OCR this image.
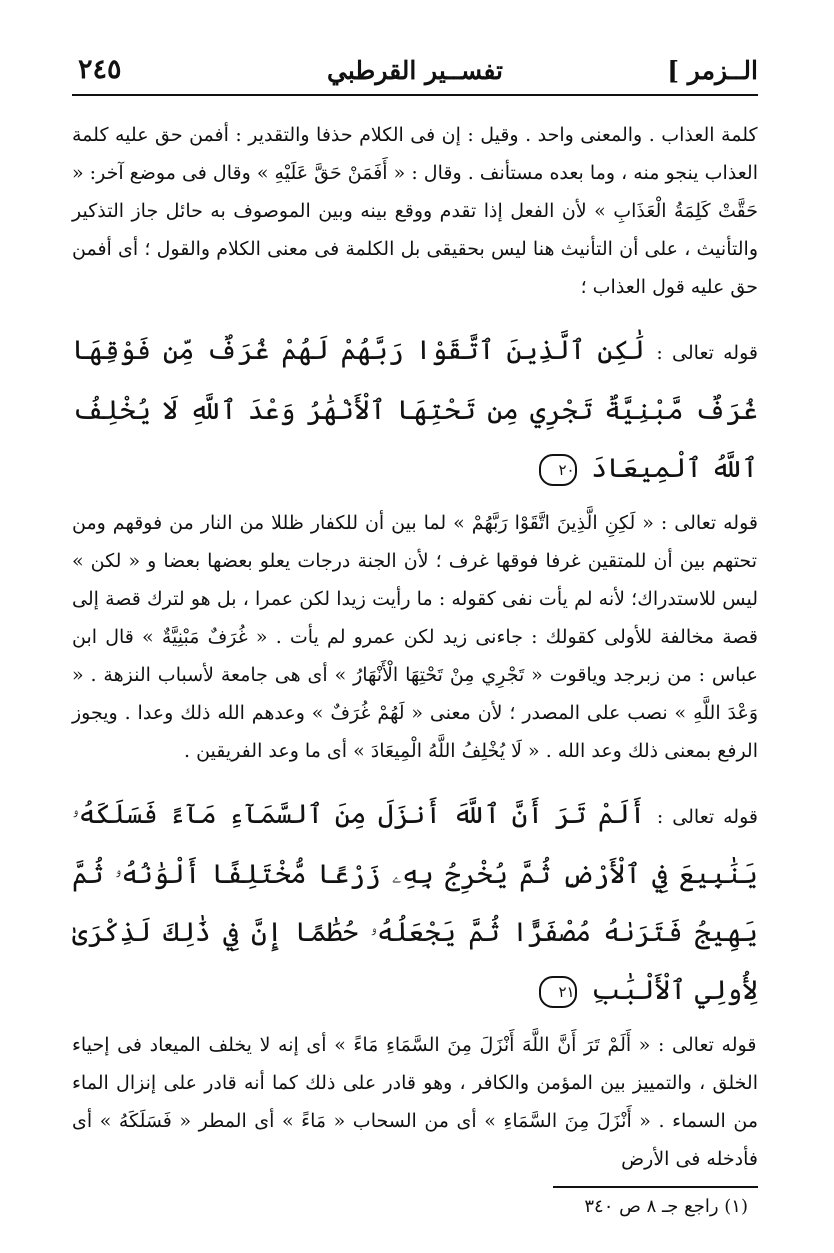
الــزمر ]
تفســير القرطبي
٢٤٥

كلمة العذاب . والمعنى واحد . وقيل : إن فى الكلام حذفا والتقدير : أفمن حق عليه كلمة العذاب ينجو منه ، وما بعده مستأنف . وقال : « أَفَمَنْ حَقَّ عَلَيْهِ » وقال فى موضع آخر: « حَقَّتْ كَلِمَةُ الْعَذَابِ » لأن الفعل إذا تقدم ووقع بينه وبين الموصوف به حائل جاز التذكير والتأنيث ، على أن التأنيث هنا ليس بحقيقى بل الكلمة فى معنى الكلام والقول ؛ أى أفمن حق عليه قول العذاب ؛

قوله تعالى : لَٰكِنِ ٱلَّذِينَ ٱتَّقَوْا رَبَّهُمْ لَهُمْ غُرَفٌ مِّن فَوْقِهَا غُرَفٌ مَّبْنِيَّةٌ تَجْرِي مِن تَحْتِهَا ٱلْأَنْهَٰرُ وَعْدَ ٱللَّهِ لَا يُخْلِفُ ٱللَّهُ ٱلْمِيعَادَ ٢٠

قوله تعالى : « لَكِنِ الَّذِينَ اتَّقَوْا رَبَّهُمْ » لما بين أن للكفار ظللا من النار من فوقهم ومن تحتهم بين أن للمتقين غرفا فوقها غرف ؛ لأن الجنة درجات يعلو بعضها بعضا و « لكن » ليس للاستدراك؛ لأنه لم يأت نفى كقوله : ما رأيت زيدا لكن عمرا ، بل هو لترك قصة إلى قصة مخالفة للأولى كقولك : جاءنى زيد لكن عمرو لم يأت . « غُرَفٌ مَبْنِيَّةٌ » قال ابن عباس : من زبرجد وياقوت « تَجْرِي مِنْ تَحْتِهَا الْأَنْهَارُ » أى هى جامعة لأسباب النزهة . « وَعْدَ اللَّهِ » نصب على المصدر ؛ لأن معنى « لَهُمْ غُرَفٌ » وعدهم الله ذلك وعدا . ويجوز الرفع بمعنى ذلك وعد الله . « لَا يُخْلِفُ اللَّهُ الْمِيعَادَ » أى ما وعد الفريقين .

قوله تعالى : أَلَمْ تَرَ أَنَّ ٱللَّهَ أَنزَلَ مِنَ ٱلسَّمَآءِ مَآءً فَسَلَكَهُۥ يَنَٰبِيعَ فِي ٱلْأَرْضِ ثُمَّ يُخْرِجُ بِهِۦ زَرْعًا مُّخْتَلِفًا أَلْوَٰنُهُۥ ثُمَّ يَهِيجُ فَتَرَىٰهُ مُصْفَرًّا ثُمَّ يَجْعَلُهُۥ حُطَٰمًا إِنَّ فِي ذَٰلِكَ لَذِكْرَىٰ لِأُولِي ٱلْأَلْبَٰبِ ٢١

قوله تعالى : « أَلَمْ تَرَ أَنَّ اللَّهَ أَنْزَلَ مِنَ السَّمَاءِ مَاءً » أى إنه لا يخلف الميعاد فى إحياء الخلق ، والتمييز بين المؤمن والكافر ، وهو قادر على ذلك كما أنه قادر على إنزال الماء من السماء . « أَنْزَلَ مِنَ السَّمَاءِ » أى من السحاب « مَاءً » أى المطر « فَسَلَكَهُ » أى فأدخله فى الأرض

(١) راجع جـ ٨ ص ٣٤٠
